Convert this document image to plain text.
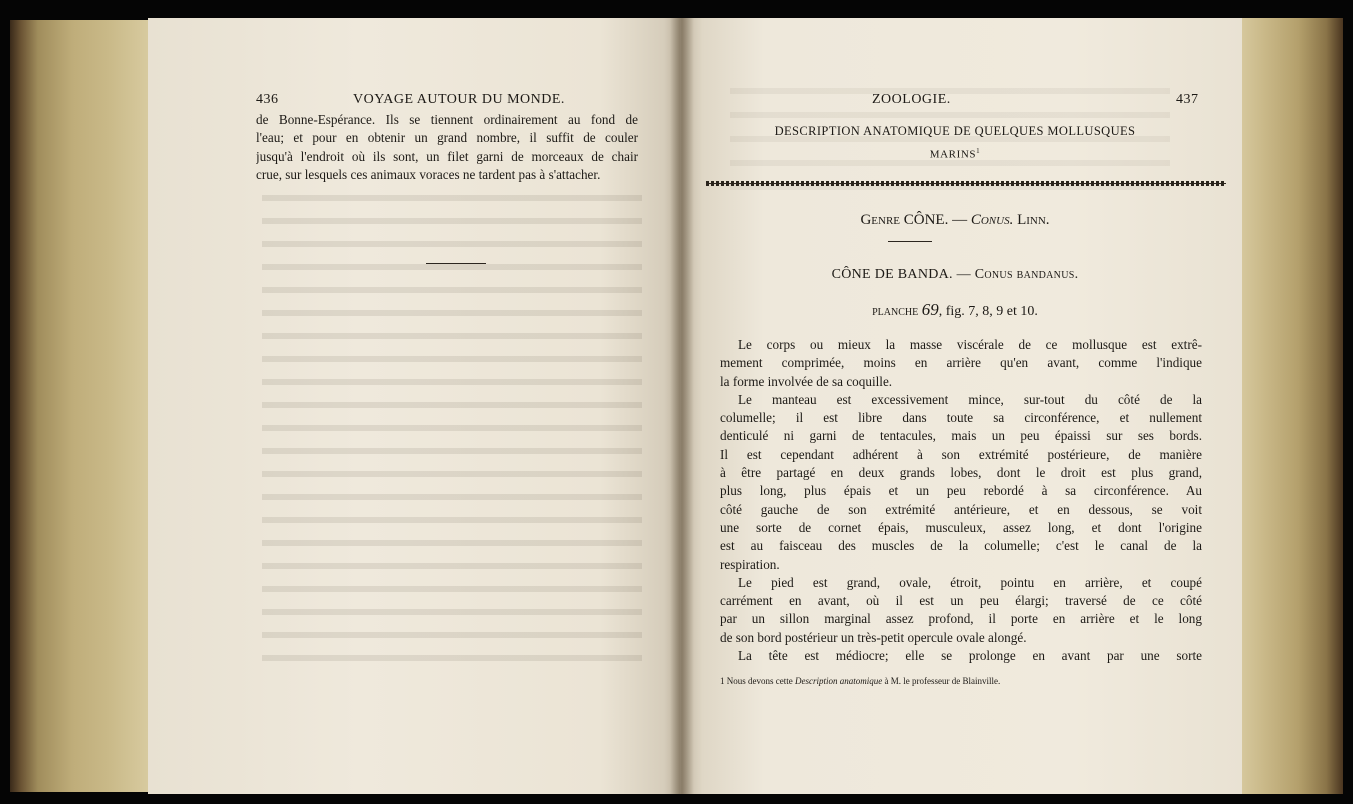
436	VOYAGE AUTOUR DU MONDE.
de Bonne-Espérance. Ils se tiennent ordinairement au fond de
l'eau; et pour en obtenir un grand nombre, il suffit de couler
jusqu'à l'endroit où ils sont, un filet garni de morceaux de chair
crue, sur lesquels ces animaux voraces ne tardent pas à s'attacher.
ZOOLOGIE.	437
DESCRIPTION ANATOMIQUE DE QUELQUES MOLLUSQUES
MARINS$^1$
Genre CÔNE. — Conus. Linn.
CÔNE DE BANDA. — Conus bandanus.
planche 69, fig. 7, 8, 9 et 10.
Le corps ou mieux la masse viscérale de ce mollusque est extrê-
mement comprimée, moins en arrière qu'en avant, comme l'indique
la forme involvée de sa coquille.
Le manteau est excessivement mince, sur-tout du côté de la
columelle; il est libre dans toute sa circonférence, et nullement
denticulé ni garni de tentacules, mais un peu épaissi sur ses bords.
Il est cependant adhérent à son extrémité postérieure, de manière
à être partagé en deux grands lobes, dont le droit est plus grand,
plus long, plus épais et un peu rebordé à sa circonférence. Au
côté gauche de son extrémité antérieure, et en dessous, se voit
une sorte de cornet épais, musculeux, assez long, et dont l'origine
est au faisceau des muscles de la columelle; c'est le canal de la
respiration.
Le pied est grand, ovale, étroit, pointu en arrière, et coupé
carrément en avant, où il est un peu élargi; traversé de ce côté
par un sillon marginal assez profond, il porte en arrière et le long
de son bord postérieur un très-petit opercule ovale alongé.
La tête est médiocre; elle se prolonge en avant par une sorte
1 Nous devons cette Description anatomique à M. le professeur de Blainville.
